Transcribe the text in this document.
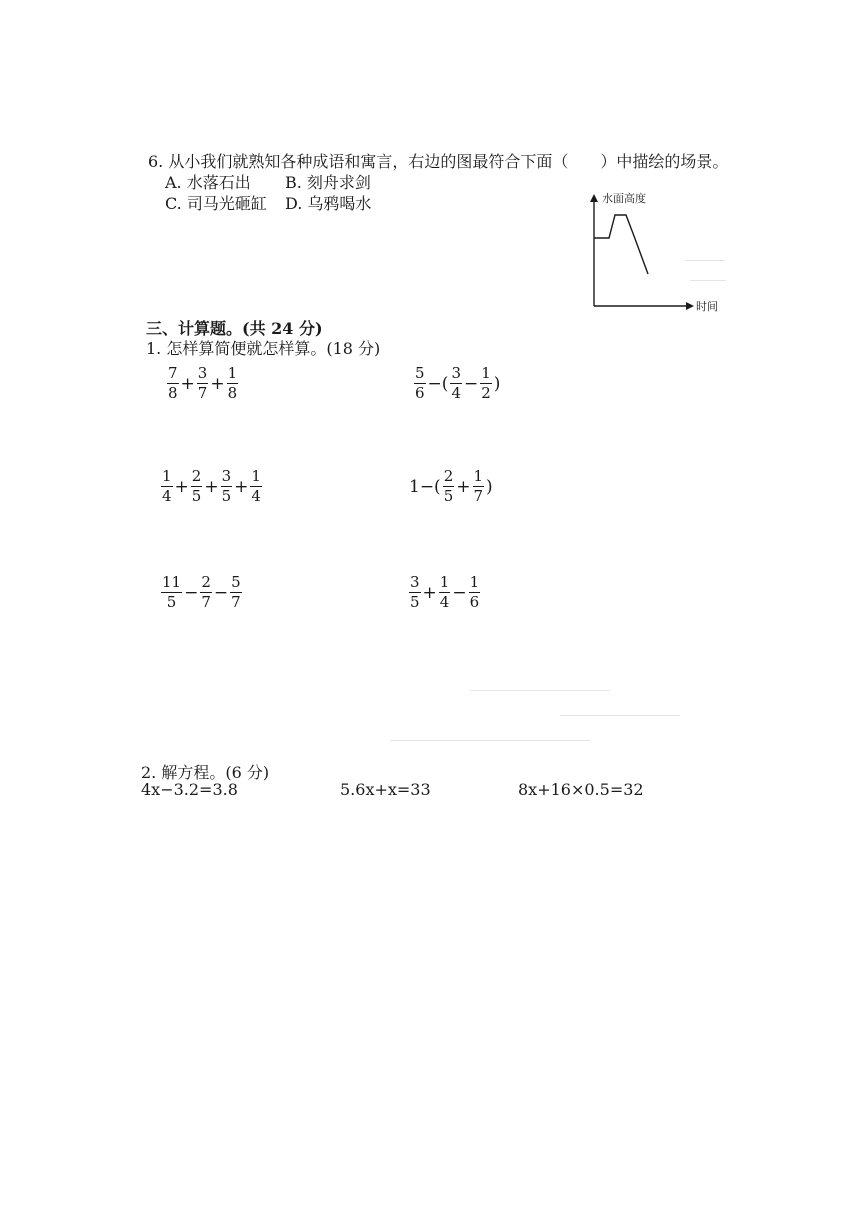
6. 从小我们就熟知各种成语和寓言，右边的图最符合下面（　　）中描绘的场景。
A. 水落石出 B. 刻舟求剑
C. 司马光砸缸 D. 乌鸦喝水	水面高度
时间
三、计算题。(共 24 分)
1. 怎样算简便就怎样算。(18 分)
$\frac{7}{8} + \frac{3}{7} + \frac{1}{8}$	$\frac{5}{6}$ −( $\frac{3}{4} - \frac{1}{2}$ )
$\frac{1}{4} + \frac{2}{5} + \frac{3}{5} + \frac{1}{4}$	$1-( \frac{2}{5} + \frac{1}{7}$ )
$\frac{11}{5} - \frac{2}{7} - \frac{5}{7}$	$\frac{3}{5} + \frac{1}{4} - \frac{1}{6}$
2. 解方程。(6 分)
4x−3.2=3.8	5.6x+x=33	8x+16×0.5=32
